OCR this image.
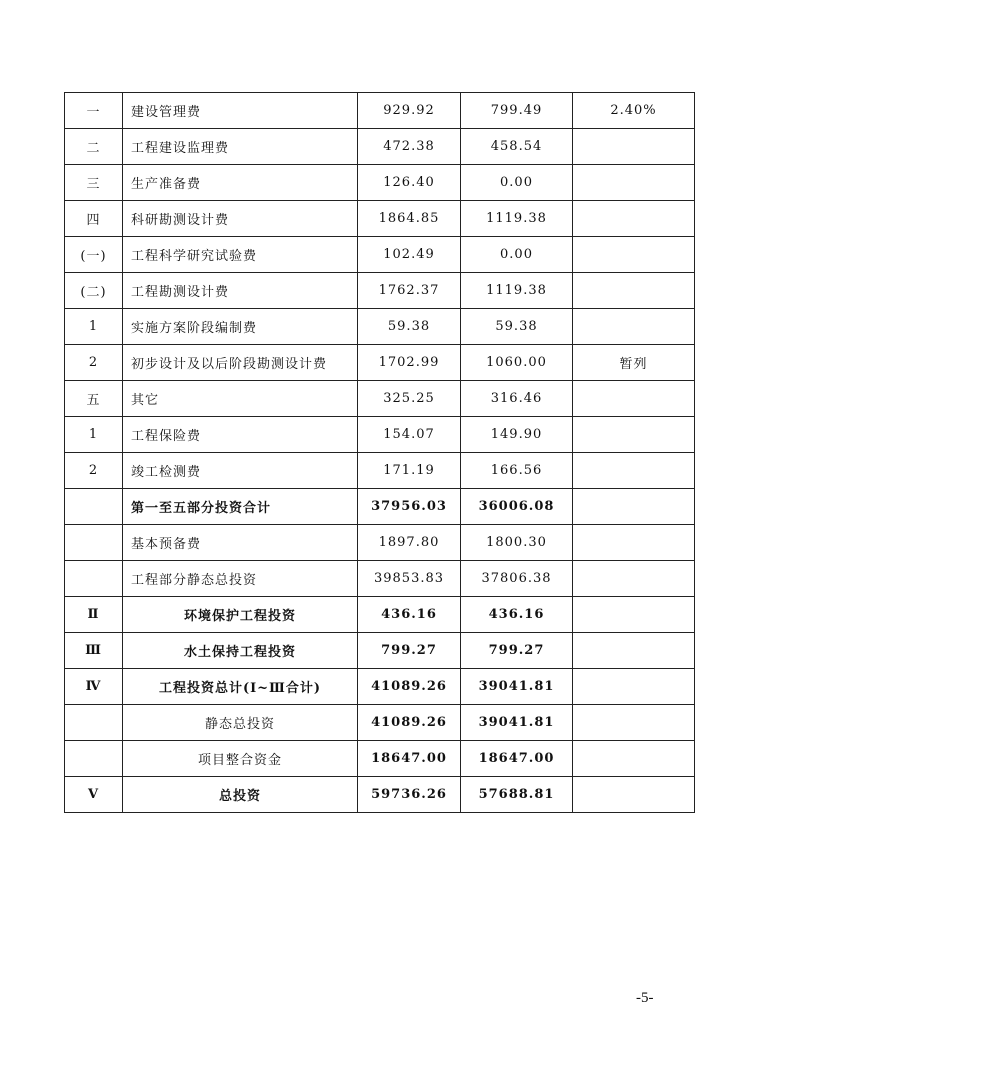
一	建设管理费	929.92	799.49	2.40%
二	工程建设监理费	472.38	458.54	
三	生产准备费	126.40	0.00	
四	科研勘测设计费	1864.85	1119.38	
(一)	工程科学研究试验费	102.49	0.00	
(二)	工程勘测设计费	1762.37	1119.38	
1	实施方案阶段编制费	59.38	59.38	
2	初步设计及以后阶段勘测设计费	1702.99	1060.00	暂列
五	其它	325.25	316.46	
1	工程保险费	154.07	149.90	
2	竣工检测费	171.19	166.56	
	第一至五部分投资合计	37956.03	36006.08	
	基本预备费	1897.80	1800.30	
	工程部分静态总投资	39853.83	37806.38	
Ⅱ	环境保护工程投资	436.16	436.16	
Ⅲ	水土保持工程投资	799.27	799.27	
Ⅳ	工程投资总计(Ⅰ~Ⅲ合计)	41089.26	39041.81	
	静态总投资	41089.26	39041.81	
	项目整合资金	18647.00	18647.00	
Ⅴ	总投资	59736.26	57688.81	
-5-
